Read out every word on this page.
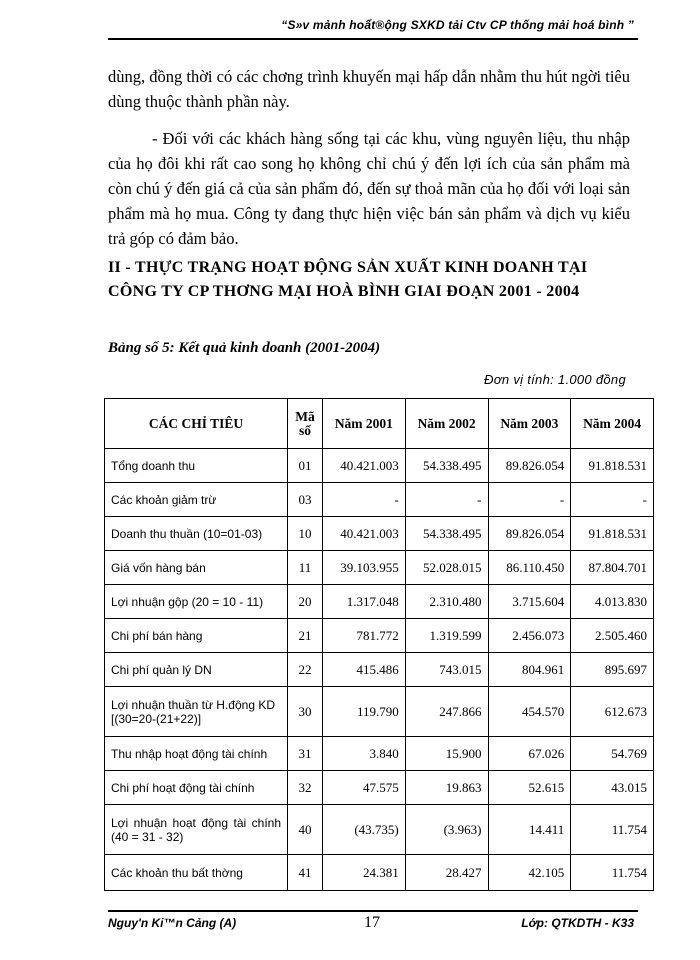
“S»v mảnh hoẩt®ộng SXKD tải Ctv CP thống mải hoá bình ”
dùng, đồng thời có các chơng trình khuyến mại hấp dẫn nhằm thu hút ngời tiêu dùng thuộc thành phần này.
- Đối với các khách hàng sống tại các khu, vùng nguyên liệu, thu nhập của họ đôi khi rất cao song họ không chỉ chú ý đến lợi ích của sản phẩm mà còn chú ý đến giá cả của sản phẩm đó, đến sự thoả mãn của họ đối với loại sản phẩm mà họ mua. Công ty đang thực hiện việc bán sản phẩm và dịch vụ kiểu trả góp có đảm bảo.
II - THỰC TRẠNG HOẠT ĐỘNG SẢN XUẤT KINH DOANH TẠI CÔNG TY CP THƠNG MẠI HOÀ BÌNH GIAI ĐOẠN 2001 - 2004
Bảng số 5: Kết quả kinh doanh (2001-2004)
Đơn vị tính: 1.000 đồng
CÁC CHỈ TIÊU	Mã số	Năm 2001	Năm 2002	Năm 2003	Năm 2004
Tổng doanh thu	01	40.421.003	54.338.495	89.826.054	91.818.531
Các khoản giảm trừ	03	-	-	-	-
Doanh thu thuần (10=01-03)	10	40.421.003	54.338.495	89.826.054	91.818.531
Giá vốn hàng bán	11	39.103.955	52.028.015	86.110.450	87.804.701
Lợi nhuận gộp (20 = 10 - 11)	20	1.317.048	2.310.480	3.715.604	4.013.830
Chi phí bán hàng	21	781.772	1.319.599	2.456.073	2.505.460
Chi phí quản lý DN	22	415.486	743.015	804.961	895.697
Lợi nhuận thuần từ H.động KD [(30=20-(21+22)]	30	119.790	247.866	454.570	612.673
Thu nhập hoạt động tài chính	31	3.840	15.900	67.026	54.769
Chi phí hoạt động tài chính	32	47.575	19.863	52.615	43.015
Lợi nhuận hoạt động tài chính (40 = 31 - 32)	40	(43.735)	(3.963)	14.411	11.754
Các khoản thu bất thờng	41	24.381	28.427	42.105	11.754
Nguy'n Ki™n Cảng (A)	17	Lớp: QTKDTH - K33
